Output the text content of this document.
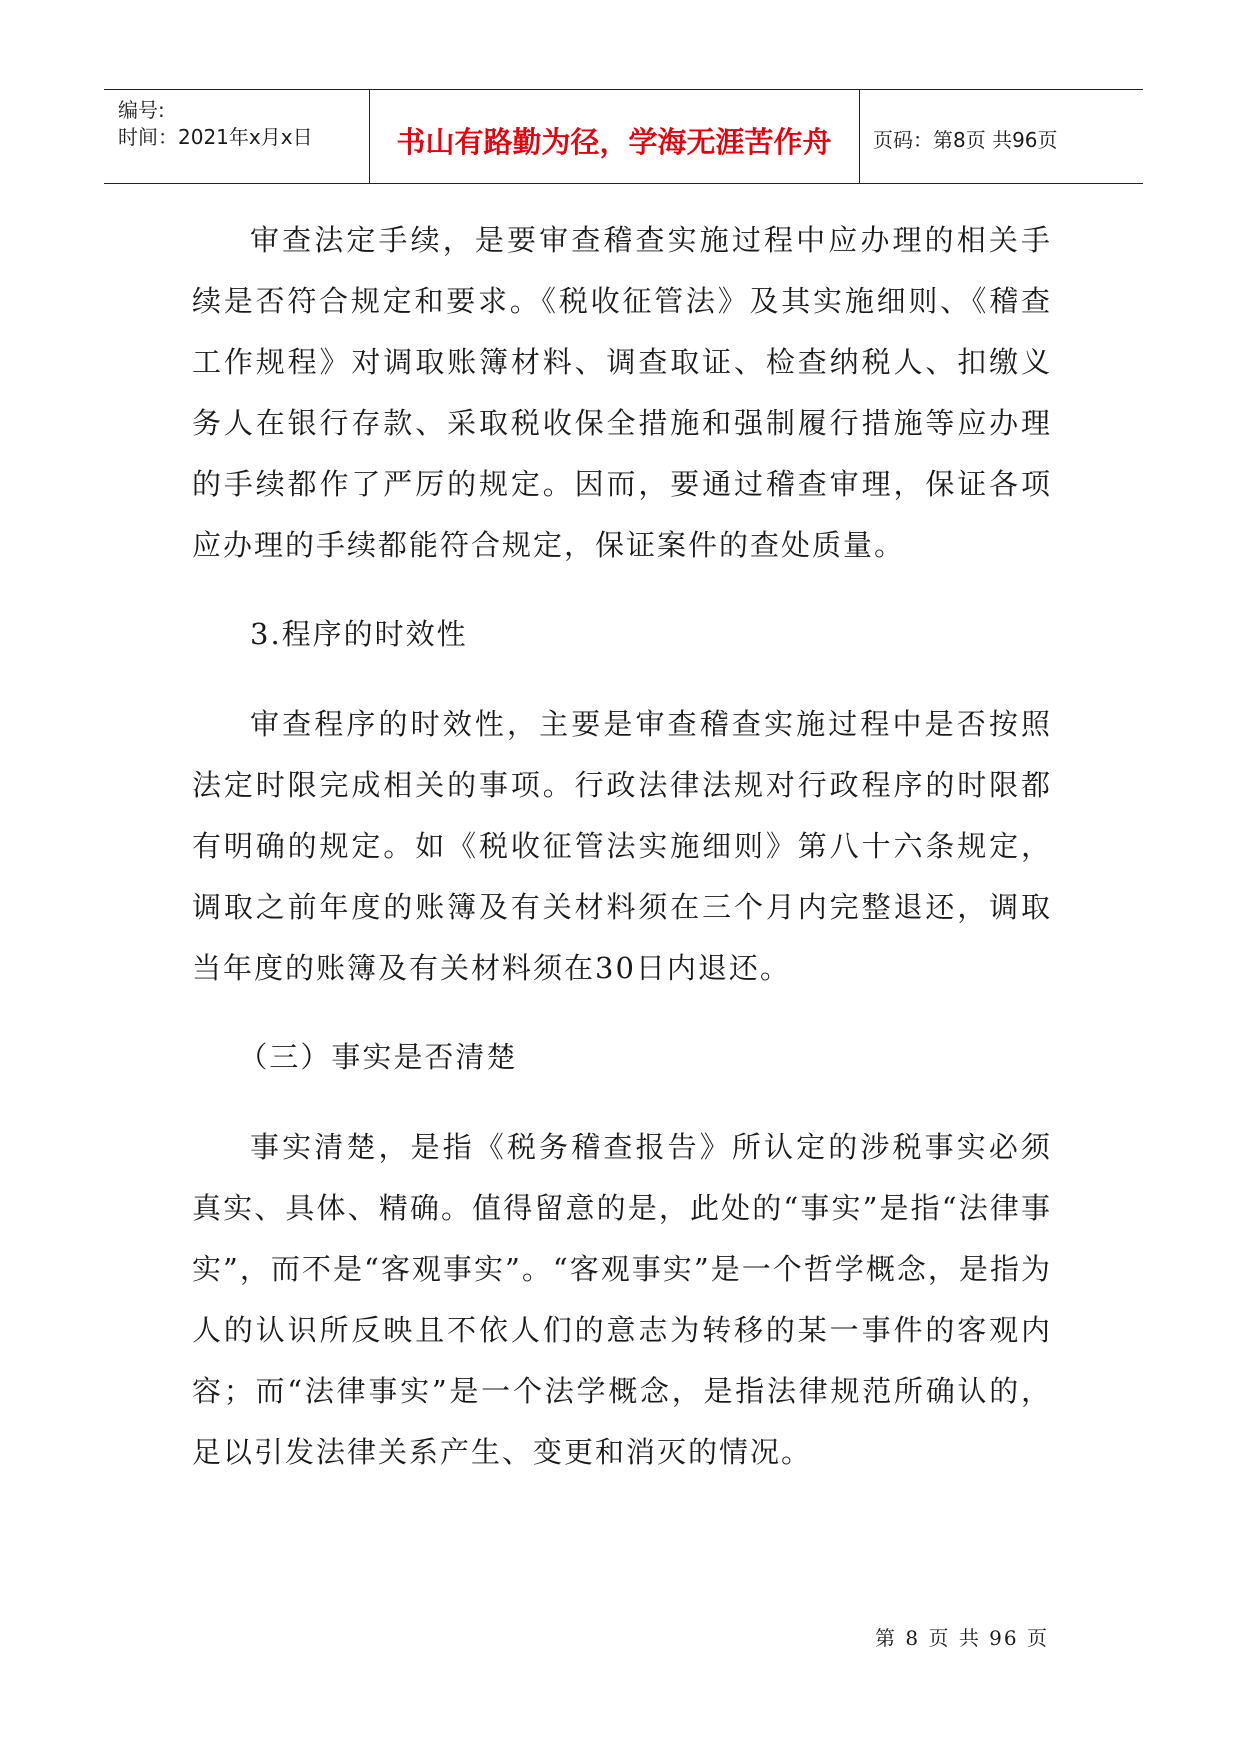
编号:
时间：2021年x月x日	书山有路勤为径，学海无涯苦作舟	页码：第8页 共96页

审查法定手续，是要审查稽查实施过程中应办理的相关手续是否符合规定和要求。《税收征管法》及其实施细则、《稽查工作规程》对调取账簿材料、调查取证、检查纳税人、扣缴义务人在银行存款、采取税收保全措施和强制履行措施等应办理的手续都作了严厉的规定。因而，要通过稽查审理，保证各项应办理的手续都能符合规定，保证案件的查处质量。

3.程序的时效性

审查程序的时效性，主要是审查稽查实施过程中是否按照法定时限完成相关的事项。行政法律法规对行政程序的时限都有明确的规定。如《税收征管法实施细则》第八十六条规定，调取之前年度的账簿及有关材料须在三个月内完整退还，调取当年度的账簿及有关材料须在30日内退还。

（三）事实是否清楚

事实清楚，是指《税务稽查报告》所认定的涉税事实必须真实、具体、精确。值得留意的是，此处的“事实”是指“法律事实”，而不是“客观事实”。“客观事实”是一个哲学概念，是指为人的认识所反映且不依人们的意志为转移的某一事件的客观内容；而“法律事实”是一个法学概念，是指法律规范所确认的，足以引发法律关系产生、变更和消灭的情况。

第 8 页 共 96 页
